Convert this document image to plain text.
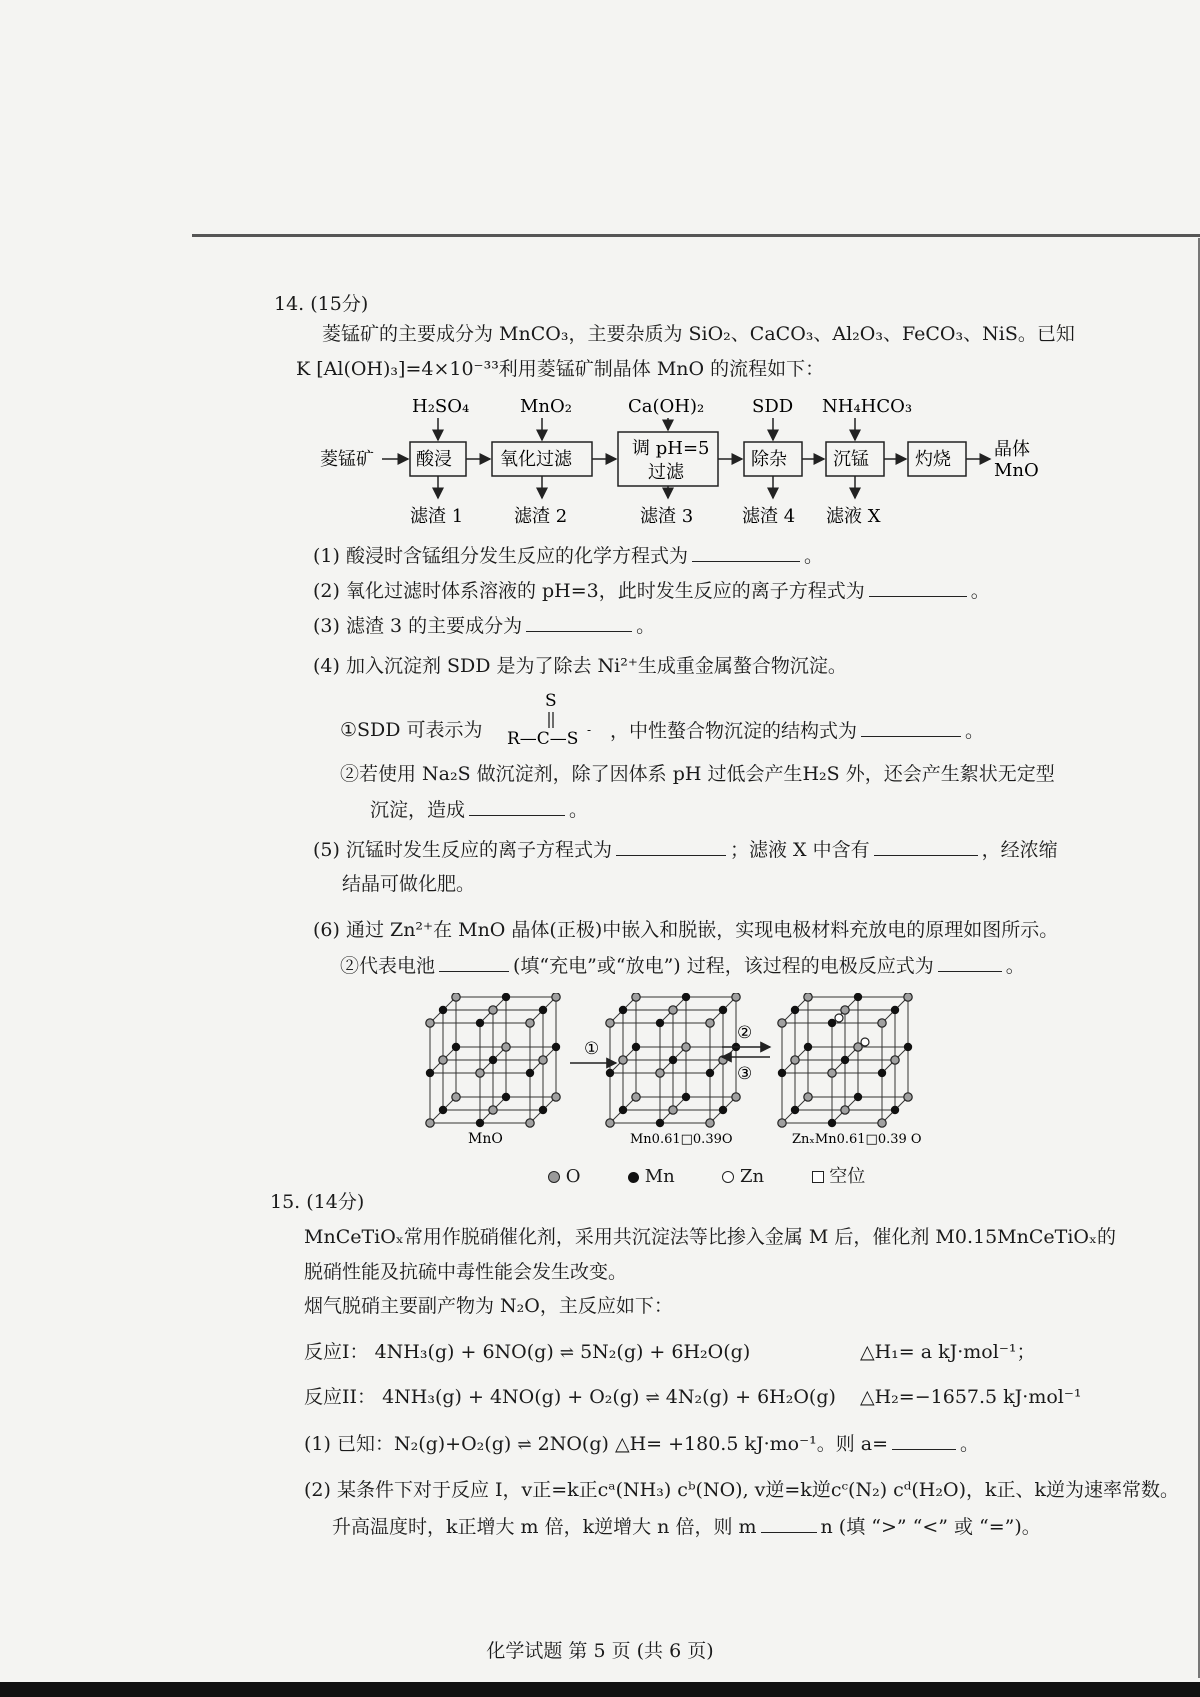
14. (15分)
菱锰矿的主要成分为 MnCO₃，主要杂质为 SiO₂、CaCO₃、Al₂O₃、FeCO₃、NiS。已知
K [Al(OH)₃]=4×10⁻³³利用菱锰矿制晶体 MnO 的流程如下：
菱锰矿 酸浸	氧化过滤
调 pH=5
过滤
除杂	沉锰	灼烧 晶体
MnO
H₂SO₄	MnO₂	Ca(OH)₂	SDD NH₄HCO₃
滤渣 1	滤渣 2	滤渣 3	滤渣 4 滤液 X
(1) 酸浸时含锰组分发生反应的化学方程式为	。
(2) 氧化过滤时体系溶液的 pH=3，此时发生反应的离子方程式为	。
(3) 滤渣 3 的主要成分为	。
(4) 加入沉淀剂 SDD 是为了除去 Ni²⁺生成重金属螯合物沉淀。
①SDD 可表示为
S
R—C—S - ，中性螯合物沉淀的结构式为	。
②若使用 Na₂S 做沉淀剂，除了因体系 pH 过低会产生H₂S 外，还会产生絮状无定型
沉淀，造成	。
(5) 沉锰时发生反应的离子方程式为	；滤液 X 中含有	，经浓缩
结晶可做化肥。
(6) 通过 Zn²⁺在 MnO 晶体(正极)中嵌入和脱嵌，实现电极材料充放电的原理如图所示。
②代表电池	(填“充电”或“放电”) 过程，该过程的电极反应式为	。
①
②
③
MnO	Mn0.61□0.39O	ZnₓMn0.61□0.39 O
O	Mn	Zn	空位
15. (14分)
MnCeTiOₓ常用作脱硝催化剂，采用共沉淀法等比掺入金属 M 后，催化剂 M0.15MnCeTiOₓ的
脱硝性能及抗硫中毒性能会发生改变。
烟气脱硝主要副产物为 N₂O，主反应如下：
反应I： 4NH₃(g) + 6NO(g) ⇌ 5N₂(g) + 6H₂O(g)	△H₁= a kJ·mol⁻¹；
反应II： 4NH₃(g) + 4NO(g) + O₂(g) ⇌ 4N₂(g) + 6H₂O(g) △H₂=−1657.5 kJ·mol⁻¹
(1) 已知：N₂(g)+O₂(g) ⇌ 2NO(g) △H= +180.5 kJ·mo⁻¹。则 a=	。
(2) 某条件下对于反应 I，v正=k正cᵃ(NH₃) cᵇ(NO), v逆=k逆cᶜ(N₂) cᵈ(H₂O)，k正、k逆为速率常数。
升高温度时，k正增大 m 倍，k逆增大 n 倍，则 m	n (填 “>” “<” 或 “=”)。
化学试题 第 5 页 (共 6 页)
